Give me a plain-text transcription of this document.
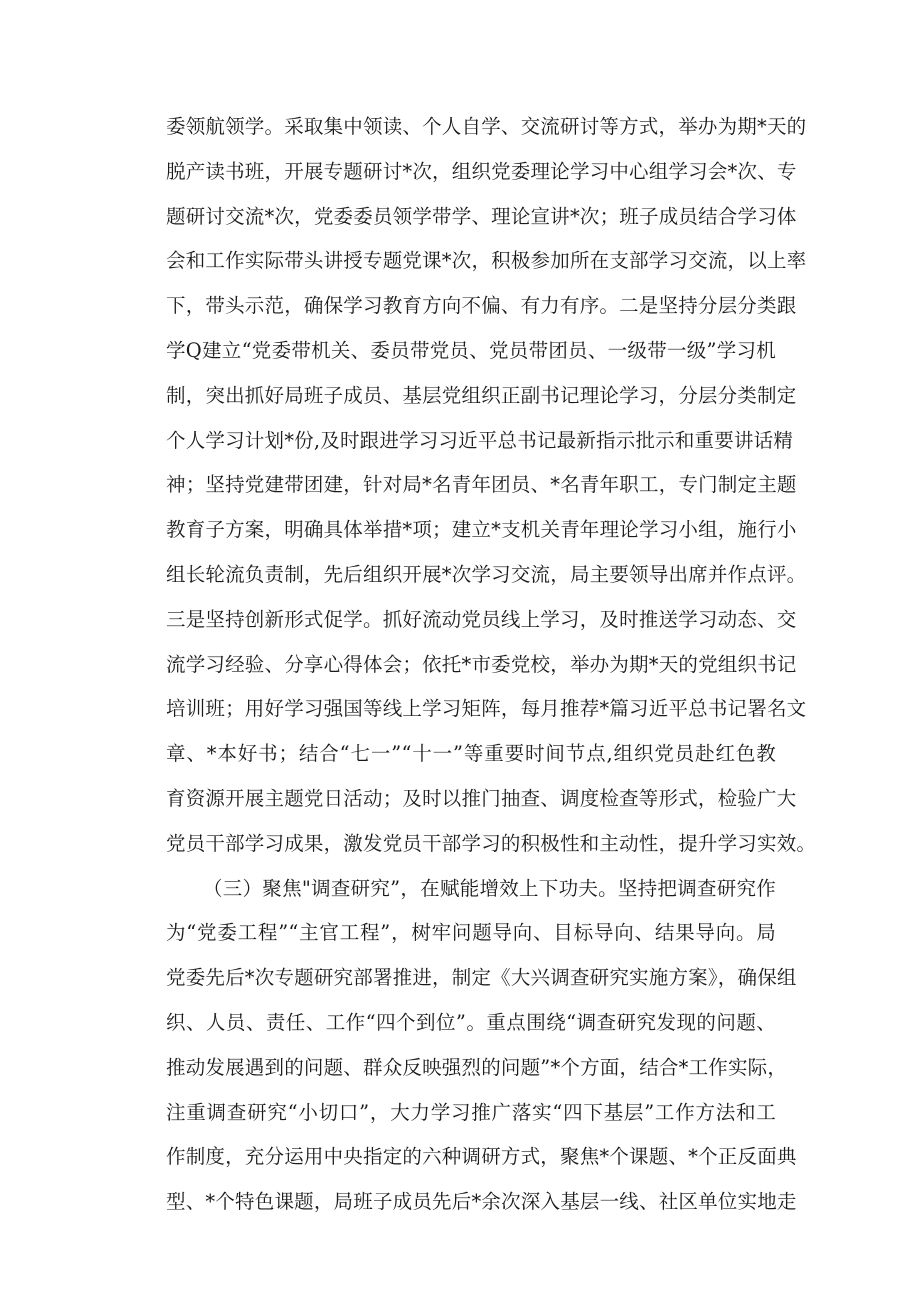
委领航领学。采取集中领读、个人自学、交流研讨等方式，举办为期*天的
脱产读书班，开展专题研讨*次，组织党委理论学习中心组学习会*次、专
题研讨交流*次，党委委员领学带学、理论宣讲*次；班子成员结合学习体
会和工作实际带头讲授专题党课*次，积极参加所在支部学习交流，以上率
下，带头示范，确保学习教育方向不偏、有力有序。二是坚持分层分类跟
学Q建立“党委带机关、委员带党员、党员带团员、一级带一级”学习机
制，突出抓好局班子成员、基层党组织正副书记理论学习，分层分类制定
个人学习计划*份,及时跟进学习习近平总书记最新指示批示和重要讲话精
神；坚持党建带团建，针对局*名青年团员、*名青年职工，专门制定主题
教育子方案，明确具体举措*项；建立*支机关青年理论学习小组，施行小
组长轮流负责制，先后组织开展*次学习交流，局主要领导出席并作点评。
三是坚持创新形式促学。抓好流动党员线上学习，及时推送学习动态、交
流学习经验、分享心得体会；依托*市委党校，举办为期*天的党组织书记
培训班；用好学习强国等线上学习矩阵，每月推荐*篇习近平总书记署名文
章、*本好书；结合“七一”“十一”等重要时间节点,组织党员赴红色教
育资源开展主题党日活动；及时以推门抽查、调度检查等形式，检验广大
党员干部学习成果，激发党员干部学习的积极性和主动性，提升学习实效。
（三）聚焦"调查研究”，在赋能增效上下功夫。坚持把调查研究作
为“党委工程”“主官工程”，树牢问题导向、目标导向、结果导向。局
党委先后*次专题研究部署推进，制定《大兴调查研究实施方案》，确保组
织、人员、责任、工作“四个到位”。重点围绕“调查研究发现的问题、
推动发展遇到的问题、群众反映强烈的问题”*个方面，结合*工作实际，
注重调查研究“小切口”，大力学习推广落实“四下基层”工作方法和工
作制度，充分运用中央指定的六种调研方式，聚焦*个课题、*个正反面典
型、*个特色课题，局班子成员先后*余次深入基层一线、社区单位实地走
